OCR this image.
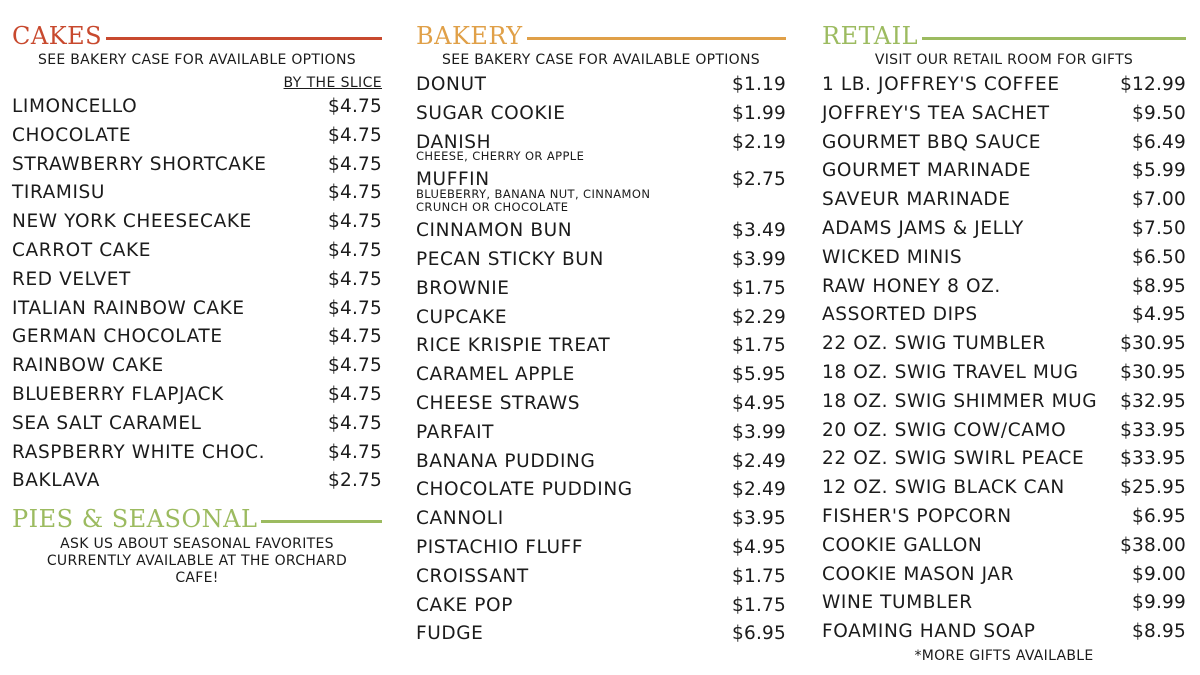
CAKES
SEE BAKERY CASE FOR AVAILABLE OPTIONS
BY THE SLICE
LIMONCELLO	$4.75
CHOCOLATE	$4.75
STRAWBERRY SHORTCAKE	$4.75
TIRAMISU	$4.75
NEW YORK CHEESECAKE	$4.75
CARROT CAKE	$4.75
RED VELVET	$4.75
ITALIAN RAINBOW CAKE	$4.75
GERMAN CHOCOLATE	$4.75
RAINBOW CAKE	$4.75
BLUEBERRY FLAPJACK	$4.75
SEA SALT CARAMEL	$4.75
RASPBERRY WHITE CHOC.	$4.75
BAKLAVA	$2.75
PIES & SEASONAL
ASK US ABOUT SEASONAL FAVORITES
CURRENTLY AVAILABLE AT THE ORCHARD
CAFE!
BAKERY
SEE BAKERY CASE FOR AVAILABLE OPTIONS
DONUT	$1.19
SUGAR COOKIE	$1.99
DANISH	$2.19
CHEESE, CHERRY OR APPLE
MUFFIN	$2.75
BLUEBERRY, BANANA NUT, CINNAMON
CRUNCH OR CHOCOLATE
CINNAMON BUN	$3.49
PECAN STICKY BUN	$3.99
BROWNIE	$1.75
CUPCAKE	$2.29
RICE KRISPIE TREAT	$1.75
CARAMEL APPLE	$5.95
CHEESE STRAWS	$4.95
PARFAIT	$3.99
BANANA PUDDING	$2.49
CHOCOLATE PUDDING	$2.49
CANNOLI	$3.95
PISTACHIO FLUFF	$4.95
CROISSANT	$1.75
CAKE POP	$1.75
FUDGE	$6.95
RETAIL
VISIT OUR RETAIL ROOM FOR GIFTS
1 LB. JOFFREY'S COFFEE	$12.99
JOFFREY'S TEA SACHET	$9.50
GOURMET BBQ SAUCE	$6.49
GOURMET MARINADE	$5.99
SAVEUR MARINADE	$7.00
ADAMS JAMS & JELLY	$7.50
WICKED MINIS	$6.50
RAW HONEY 8 OZ.	$8.95
ASSORTED DIPS	$4.95
22 OZ. SWIG TUMBLER	$30.95
18 OZ. SWIG TRAVEL MUG $30.95
18 OZ. SWIG SHIMMER MUG $32.95
20 OZ. SWIG COW/CAMO	$33.95
22 OZ. SWIG SWIRL PEACE $33.95
12 OZ. SWIG BLACK CAN	$25.95
FISHER'S POPCORN	$6.95
COOKIE GALLON	$38.00
COOKIE MASON JAR	$9.00
WINE TUMBLER	$9.99
FOAMING HAND SOAP	$8.95
*MORE GIFTS AVAILABLE
